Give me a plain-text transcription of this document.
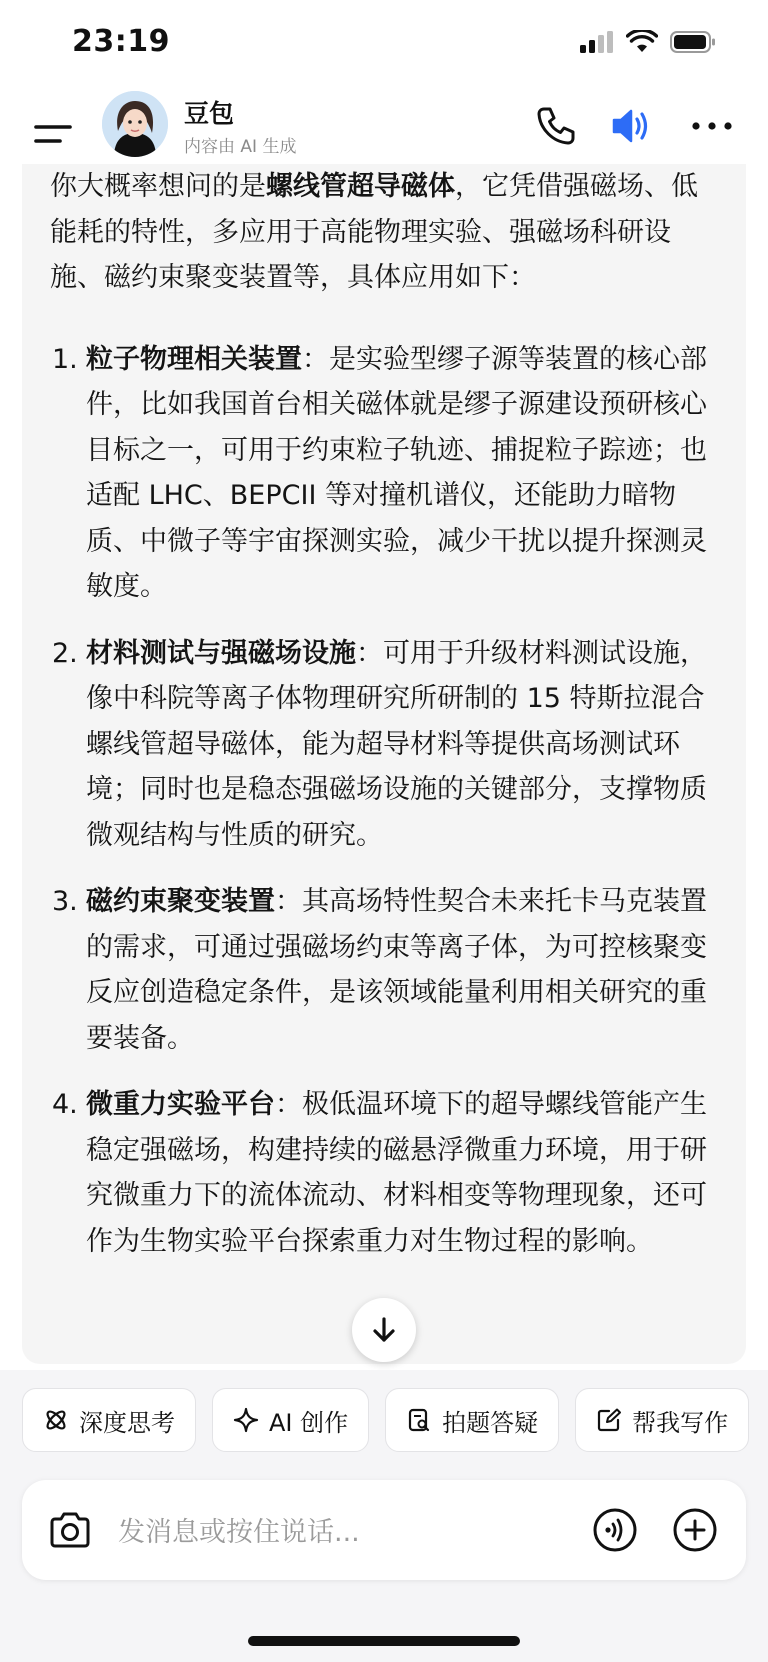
23:19
豆包
内容由 AI 生成

你大概率想问的是螺线管超导磁体，它凭借强磁场、低能耗的特性，多应用于高能物理实验、强磁场科研设施、磁约束聚变装置等，具体应用如下：

1. 粒子物理相关装置：是实验型缪子源等装置的核心部件，比如我国首台相关磁体就是缪子源建设预研核心目标之一，可用于约束粒子轨迹、捕捉粒子踪迹；也适配 LHC、BEPCII 等对撞机谱仪，还能助力暗物质、中微子等宇宙探测实验，减少干扰以提升探测灵敏度。
2. 材料测试与强磁场设施：可用于升级材料测试设施，像中科院等离子体物理研究所研制的 15 特斯拉混合螺线管超导磁体，能为超导材料等提供高场测试环境；同时也是稳态强磁场设施的关键部分，支撑物质微观结构与性质的研究。
3. 磁约束聚变装置：其高场特性契合未来托卡马克装置的需求，可通过强磁场约束等离子体，为可控核聚变反应创造稳定条件，是该领域能量利用相关研究的重要装备。
4. 微重力实验平台：极低温环境下的超导螺线管能产生稳定强磁场，构建持续的磁悬浮微重力环境，用于研究微重力下的流体流动、材料相变等物理现象，还可作为生物实验平台探索重力对生物过程的影响。
深度思考	AI 创作	拍题答疑	帮我写作
发消息或按住说话...
